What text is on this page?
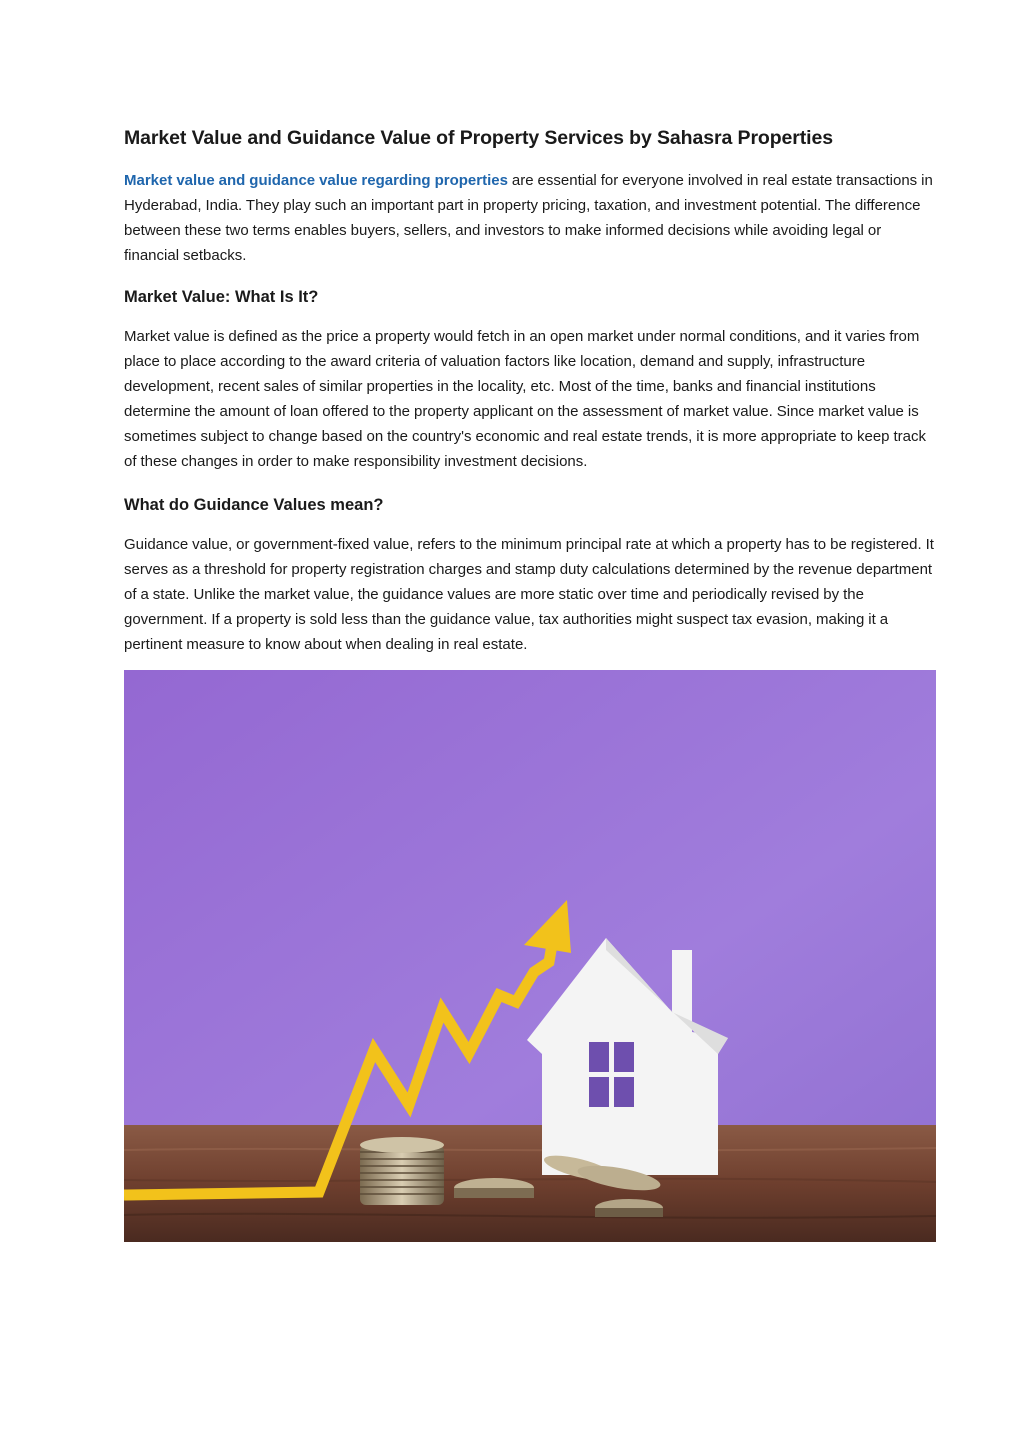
Market Value and Guidance Value of Property Services by Sahasra Properties

Market value and guidance value regarding properties are essential for everyone involved in real estate transactions in Hyderabad, India. They play such an important part in property pricing, taxation, and investment potential. The difference between these two terms enables buyers, sellers, and investors to make informed decisions while avoiding legal or financial setbacks.

Market Value: What Is It?

Market value is defined as the price a property would fetch in an open market under normal conditions, and it varies from place to place according to the award criteria of valuation factors like location, demand and supply, infrastructure development, recent sales of similar properties in the locality, etc. Most of the time, banks and financial institutions determine the amount of loan offered to the property applicant on the assessment of market value. Since market value is sometimes subject to change based on the country's economic and real estate trends, it is more appropriate to keep track of these changes in order to make responsibility investment decisions.

What do Guidance Values mean?

Guidance value, or government-fixed value, refers to the minimum principal rate at which a property has to be registered. It serves as a threshold for property registration charges and stamp duty calculations determined by the revenue department of a state. Unlike the market value, the guidance values are more static over time and periodically revised by the government. If a property is sold less than the guidance value, tax authorities might suspect tax evasion, making it a pertinent measure to know about when dealing in real estate.
